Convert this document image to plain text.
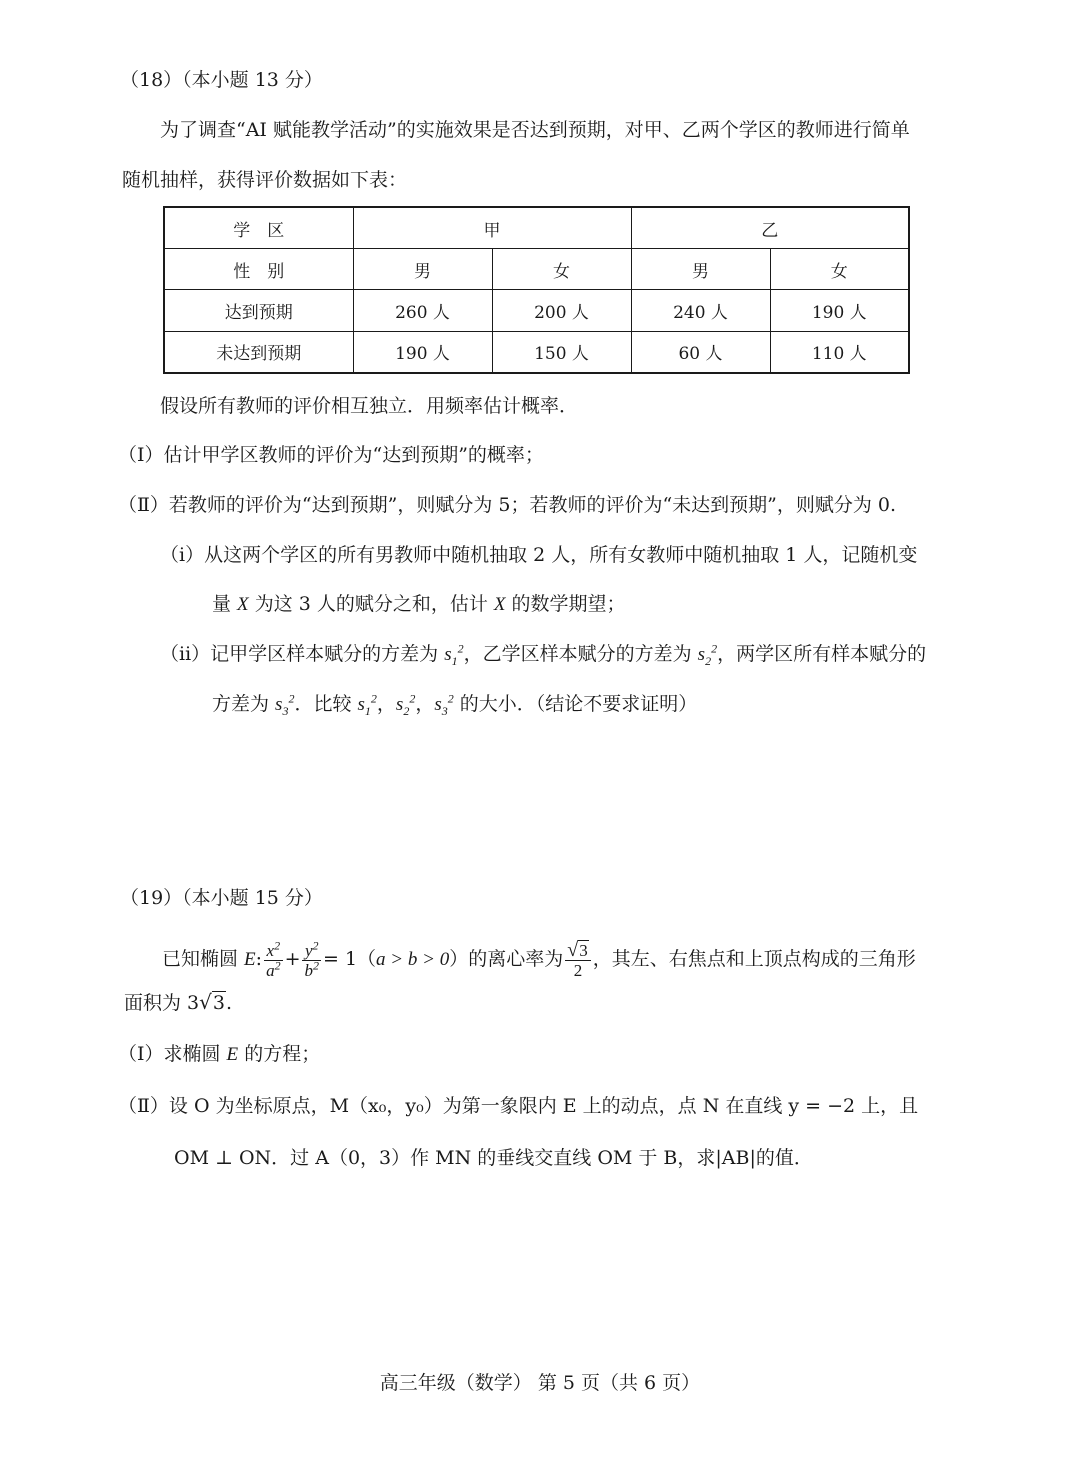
（18）（本小题 13 分）
为了调查“AI 赋能教学活动”的实施效果是否达到预期，对甲、乙两个学区的教师进行简单
随机抽样，获得评价数据如下表：
学　区	甲		乙	
性　别	男	女	男	女
达到预期	260 人	200 人	240 人	190 人
未达到预期	190 人	150 人	60 人	110 人
假设所有教师的评价相互独立．用频率估计概率．
（Ⅰ）估计甲学区教师的评价为“达到预期”的概率；
（Ⅱ）若教师的评价为“达到预期”，则赋分为 5；若教师的评价为“未达到预期”，则赋分为 0.
（ⅰ）从这两个学区的所有男教师中随机抽取 2 人，所有女教师中随机抽取 1 人，记随机变
量 X 为这 3 人的赋分之和，估计 X 的数学期望；
（ⅱ）记甲学区样本赋分的方差为 $s_1^2$，乙学区样本赋分的方差为 $s_2^2$，两学区所有样本赋分的
方差为 $s_3^2$．比较 $s_1^2$，$s_2^2$，$s_3^2$ 的大小．（结论不要求证明）
（19）（本小题 15 分）
已知椭圆 E: $\frac{x^2}{a^2} + \frac{y^2}{b^2} = 1(a > b > 0)$的离心率为 $\frac{√3}{2}$ ，其左、右焦点和上顶点构成的三角形
面积为 3√3.
（Ⅰ）求椭圆 E 的方程；
（Ⅱ）设 O 为坐标原点，M（x₀，y₀）为第一象限内 E 上的动点，点 N 在直线 y = −2 上，且
OM ⊥ ON．过 A（0，3）作 MN 的垂线交直线 OM 于 B，求|AB|的值．
高三年级（数学） 第 5 页（共 6 页）
